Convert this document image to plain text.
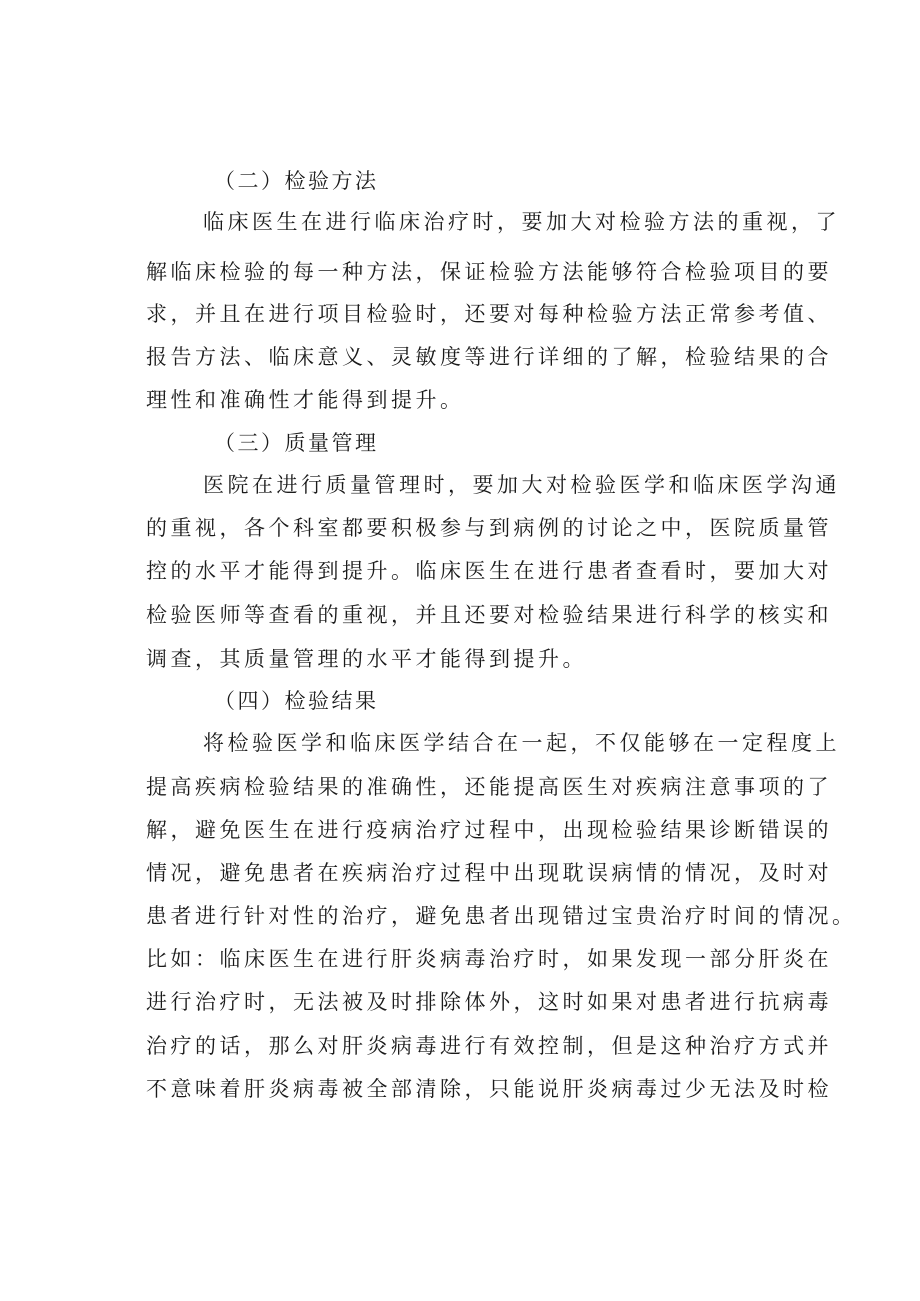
（二）检验方法
临床医生在进行临床治疗时，要加大对检验方法的重视，了
解临床检验的每一种方法，保证检验方法能够符合检验项目的要
求，并且在进行项目检验时，还要对每种检验方法正常参考值、
报告方法、临床意义、灵敏度等进行详细的了解，检验结果的合
理性和准确性才能得到提升。
（三）质量管理
医院在进行质量管理时，要加大对检验医学和临床医学沟通
的重视，各个科室都要积极参与到病例的讨论之中，医院质量管
控的水平才能得到提升。临床医生在进行患者查看时，要加大对
检验医师等查看的重视，并且还要对检验结果进行科学的核实和
调查，其质量管理的水平才能得到提升。
（四）检验结果
将检验医学和临床医学结合在一起，不仅能够在一定程度上
提高疾病检验结果的准确性，还能提高医生对疾病注意事项的了
解，避免医生在进行疫病治疗过程中，出现检验结果诊断错误的
情况，避免患者在疾病治疗过程中出现耽误病情的情况，及时对
患者进行针对性的治疗，避免患者出现错过宝贵治疗时间的情况。
比如：临床医生在进行肝炎病毒治疗时，如果发现一部分肝炎在
进行治疗时，无法被及时排除体外，这时如果对患者进行抗病毒
治疗的话，那么对肝炎病毒进行有效控制，但是这种治疗方式并
不意味着肝炎病毒被全部清除，只能说肝炎病毒过少无法及时检
